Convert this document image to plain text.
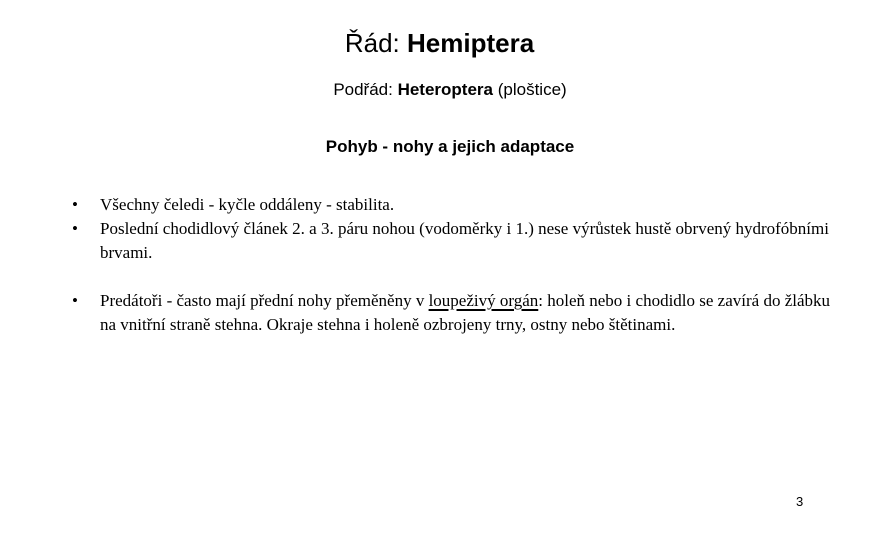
Řád: Hemiptera
Podřád: Heteroptera (ploštice)
Pohyb - nohy a jejich adaptace
• Všechny čeledi - kyčle oddáleny - stabilita.
• Poslední chodidlový článek 2. a 3. páru nohou (vodoměrky i 1.) nese výrůstek hustě obrvený hydrofóbními brvami.
• Predátoři - často mají přední nohy přeměněny v loupeživý orgán: holeň nebo i chodidlo se zavírá do žlábku na vnitřní straně stehna. Okraje stehna i holeně ozbrojeny trny, ostny nebo štětinami.
3
